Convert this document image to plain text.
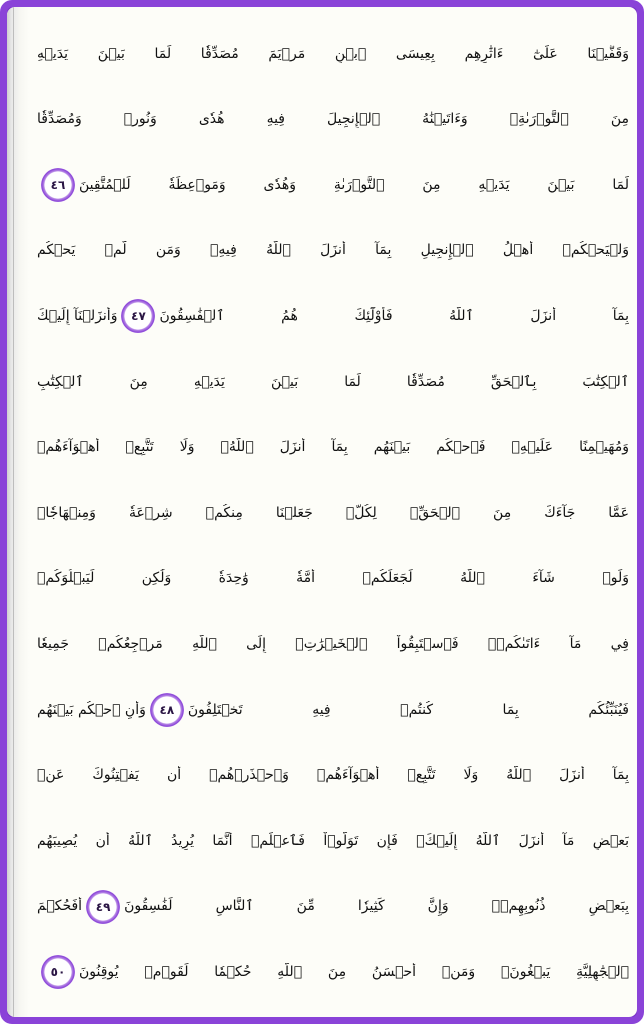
وَقَفَّيۡنَا عَلَىٰٓ ءَاثَٰرِهِم بِعِيسَى ٱبۡنِ مَرۡيَمَ مُصَدِّقٗا لِّمَا بَيۡنَ يَدَيۡهِ
مِنَ ٱلتَّوۡرَىٰةِۖ وَءَاتَيۡنَٰهُ ٱلۡإِنجِيلَ فِيهِ هُدٗى وَنُورٞ وَمُصَدِّقٗا
لِّمَا بَيۡنَ يَدَيۡهِ مِنَ ٱلتَّوۡرَىٰةِ وَهُدٗى وَمَوۡعِظَةٗ لِّلۡمُتَّقِينَ
٤٦
وَلۡيَحۡكُمۡ أَهۡلُ ٱلۡإِنجِيلِ بِمَآ أَنزَلَ ٱللَّهُ فِيهِۚ وَمَن لَّمۡ يَحۡكُم
بِمَآ أَنزَلَ ٱللَّهُ فَأُوْلَٰٓئِكَ هُمُ ٱلۡفَٰسِقُونَ
٤٧
وَأَنزَلۡنَآ إِلَيۡكَ
ٱلۡكِتَٰبَ بِٱلۡحَقِّ مُصَدِّقٗا لِّمَا بَيۡنَ يَدَيۡهِ مِنَ ٱلۡكِتَٰبِ
وَمُهَيۡمِنًا عَلَيۡهِۖ فَٱحۡكُم بَيۡنَهُم بِمَآ أَنزَلَ ٱللَّهُۖ وَلَا تَتَّبِعۡ أَهۡوَآءَهُمۡ
عَمَّا جَآءَكَ مِنَ ٱلۡحَقِّۚ لِكُلّٖ جَعَلۡنَا مِنكُمۡ شِرۡعَةٗ وَمِنۡهَاجٗاۚ
وَلَوۡ شَآءَ ٱللَّهُ لَجَعَلَكُمۡ أُمَّةٗ وَٰحِدَةٗ وَلَٰكِن لِّيَبۡلُوَكُمۡ
فِي مَآ ءَاتَىٰكُمۡۖ فَٱسۡتَبِقُواْ ٱلۡخَيۡرَٰتِۚ إِلَى ٱللَّهِ مَرۡجِعُكُمۡ جَمِيعٗا
فَيُنَبِّئُكُم بِمَا كُنتُمۡ فِيهِ تَخۡتَلِفُونَ
٤٨
وَأَنِ ٱحۡكُم بَيۡنَهُم
بِمَآ أَنزَلَ ٱللَّهُ وَلَا تَتَّبِعۡ أَهۡوَآءَهُمۡ وَٱحۡذَرۡهُمۡ أَن يَفۡتِنُوكَ عَنۢ
بَعۡضِ مَآ أَنزَلَ ٱللَّهُ إِلَيۡكَۖ فَإِن تَوَلَّوۡاْ فَٱعۡلَمۡ أَنَّمَا يُرِيدُ ٱللَّهُ أَن يُصِيبَهُم
بِبَعۡضِ ذُنُوبِهِمۡۗ وَإِنَّ كَثِيرٗا مِّنَ ٱلنَّاسِ لَفَٰسِقُونَ
٤٩
أَفَحُكۡمَ
ٱلۡجَٰهِلِيَّةِ يَبۡغُونَۚ وَمَنۡ أَحۡسَنُ مِنَ ٱللَّهِ حُكۡمٗا لِّقَوۡمٖ يُوقِنُونَ
٥٠
